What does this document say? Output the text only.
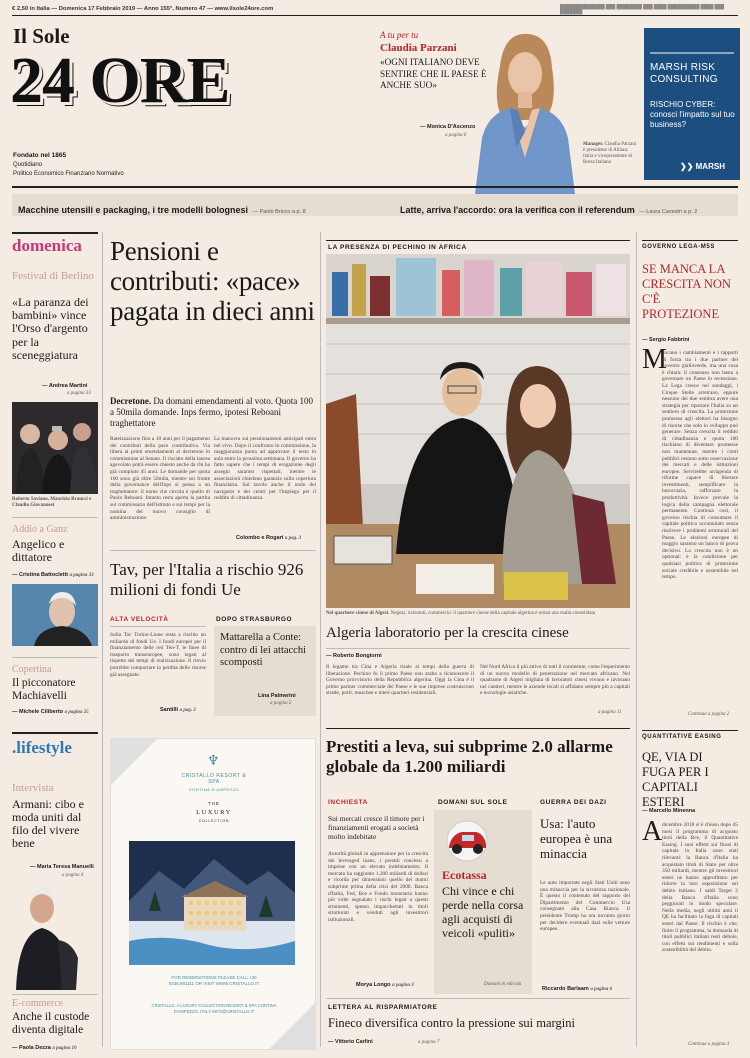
€ 2,50 in Italia — Domenica 17 Febbraio 2019 — Anno 155°, Numero 47 — www.ilsole24ore.com	██████████████ ███ ████████ ███ ████ ██████████ ████ ███ ███████
Il Sole
24 ORE
Fondato nel 1865
Quotidiano
Politico Economico Finanziario Normativo
A tu per tu
Claudia Parzani
«OGNI ITALIANO DEVE SENTIRE CHE IL PAESE È ANCHE SUO»
— Monica D'Ascenzo
a pagina 6
Manager. Claudia Parzani è presidente di Allianz Italia e vicepresidente di Borsa Italiana
MARSH RISK CONSULTING
RISCHIO CYBER: conosci l'impatto sul tuo business?
❯❯ MARSH
Macchine utensili e packaging, i tre modelli bolognesi — Paolo Bricco a p. 8	Latte, arriva l'accordo: ora la verifica con il referendum — Laura Cavestri a p. 2
domenica
Festival di Berlino
«La paranza dei bambini» vince l'Orso d'argento per la sceneggiatura
— Andrea Martini
a pagina 33
Roberto Saviano, Maurizio Braucci e Claudio Giovannesi
Addio a Ganz
Angelico e dittatore
— Cristina Battocletti a pagina 33
Copertina
Il picconatore Machiavelli
— Michele Ciliberto a pagina 25
.lifestyle
Intervista
Armani: cibo e moda uniti dal filo del vivere bene
— Maria Teresa Manuelli
a pagina 4
E-commerce
Anche il custode diventa digitale
— Paola Dezza a pagina 10
Pensioni e contributi: «pace» pagata in dieci anni
Decretone. Da domani emendamenti al voto. Quota 100 a 50mila domande. Inps fermo, ipotesi Reboani traghettatore
Rateizzazione fino a 10 anni per il pagamento dei contributi della pace contributiva. Via libera ai primi emendamenti al decretone in commissione al Senato. Il riscatto della laurea agevolato potrà essere chiesto anche da chi ha già compiuto 45 anni. Le domande per quota 100 sono già oltre 50mila, mentre sul fronte della governance dell'Inps si pensa a un traghettatore: il nome che circola è quello di Paolo Reboani. Intanto resta aperta la partita sul commissario dell'istituto e sui tempi per la nomina del nuovo consiglio di amministrazione.
La manovra sui pensionamenti anticipati entra nel vivo. Dopo il confronto in commissione, la maggioranza punta ad approvare il testo in aula entro la prossima settimana. Il governo ha fatto sapere che i tempi di erogazione degli assegni saranno rispettati, mentre le associazioni chiedono garanzie sulla copertura finanziaria. Sul tavolo anche il nodo dei navigator e dei centri per l'impiego per il reddito di cittadinanza.
Colombo e Rogari a pag. 3
Tav, per l'Italia a rischio 926 milioni di fondi Ue
ALTA VELOCITÀ
Sulla Tav Torino-Lione resta a rischio un miliardo di fondi Ue. I fondi europei per il finanziamento delle reti Ten-T, le linee di trasporto transeuropee, sono legati al rispetto dei tempi di realizzazione. Il rinvio potrebbe comportare la perdita delle risorse già assegnate.
Santilli a pag. 2
DOPO STRASBURGO
Mattarella a Conte: contro di lei attacchi scomposti
Lina Palmerini
a pagina 5
♆
CRISTALLO RESORT & SPA
CORTINA D'AMPEZZO
THE
LUXURY
COLLECTION
FOR RESERVATIONS PLEASE CALL +39 0436 881111 OR VISIT WWW.CRISTALLO.IT
CRISTALLO, A LUXURY COLLECTION RESORT & SPA CORTINA D'AMPEZZO, ITALY INFO@CRISTALLO.IT
LA PRESENZA DI PECHINO IN AFRICA
Nel quartiere cinese di Algeri. Negozi, ristoranti, commercio: il quartiere cinese della capitale algerina è ormai una realtà consolidata
Algeria laboratorio per la crescita cinese
— Roberto Bongiorni
Il legame tra Cina e Algeria risale ai tempi della guerra di liberazione. Pechino fu il primo Paese non arabo a riconoscere il Governo provvisorio della Repubblica algerina. Oggi la Cina è il primo partner commerciale del Paese e le sue imprese costruiscono strade, porti, moschee e interi quartieri residenziali.
Nel Nord Africa il più attivo di tutti il continente, come l'esperimento di un nuovo modello di penetrazione nel mercato africano. Nel quadrante di Algeri migliaia di lavoratori cinesi vivono e lavorano nei cantieri, mentre le aziende locali si affidano sempre più a capitali e tecnologie asiatiche.
a pagina 11
Prestiti a leva, sui subprime 2.0 allarme globale da 1.200 miliardi
INCHIESTA
Sui mercati cresce il timore per i finanziamenti erogati a società molto indebitate
Autorità globali in apprensione per la crescita dei leveraged loans, i prestiti concessi a imprese con un elevato indebitamento. Il mercato ha raggiunto 1.200 miliardi di dollari e ricorda per dimensioni quello dei mutui subprime prima della crisi del 2008. Banca d'Italia, Fed, Bce e Fondo monetario hanno più volte segnalato i rischi legati a questi strumenti, spesso impacchettati in titoli strutturati e venduti agli investitori istituzionali.
Morya Longo a pagina 3
DOMANI SUL SOLE
Ecotassa
Chi vince e chi perde nella corsa agli acquisti di veicoli «puliti»
Domani in edicola
GUERRA DEI DAZI
Usa: l'auto europea è una minaccia
Le auto importate negli Stati Uniti sono una minaccia per la sicurezza nazionale. È questo il contenuto del rapporto del Dipartimento del Commercio Usa consegnato alla Casa Bianca. Il presidente Trump ha ora novanta giorni per decidere eventuali dazi sulle vetture europee.
Riccardo Barlaam a pagina 6
LETTERA AL RISPARMIATORE
Fineco diversifica contro la pressione sui margini
— Vittorio Carlini	a pagina 7
GOVERNO LEGA-M5S
SE MANCA LA CRESCITA NON C'È PROTEZIONE
— Sergio Fabbrini
M
ancano i cambiamenti e i rapporti di forza tra i due partner del governo gialloverde, ma una cosa è chiara: il consenso non basta a governare un Paese in recessione. La Lega cresce nei sondaggi, i Cinque Stelle arretrano, eppure nessuno dei due sembra avere una strategia per riportare l'Italia su un sentiero di crescita. La protezione promessa agli elettori ha bisogno di risorse che solo lo sviluppo può generare. Senza crescita il reddito di cittadinanza e quota 100 rischiano di diventare promesse non mantenute, mentre i conti pubblici restano sotto osservazione dei mercati e delle istituzioni europee. Servirebbe un'agenda di riforme capace di liberare investimenti, semplificare la burocrazia, rafforzare la produttività. Invece prevale la logica della campagna elettorale permanente. Continua così, il governo rischia di consumare il capitale politico accumulato senza risolvere i problemi strutturali del Paese. Le elezioni europee di maggio saranno un banco di prova decisivo. La crescita non è un optional: è la condizione per qualsiasi politica di protezione sociale credibile e sostenibile nel tempo.
Continua a pagina 2
QUANTITATIVE EASING
QE, VIA DI FUGA PER I CAPITALI ESTERI
— Marcello Minenna
A dicembre 2018 si è chiuso dopo 45 mesi il programma di acquisto titoli della Bce, il Quantitative Easing. I suoi effetti sui flussi di capitale in Italia sono stati rilevanti: la Banca d'Italia ha acquistato titoli di Stato per oltre 350 miliardi, mentre gli investitori esteri ne hanno approfittato per ridurre la loro esposizione sul debito italiano. I saldi Target 2 della Banca d'Italia sono peggiorati in modo speculare. Nella media, negli ultimi anni il QE ha facilitato la fuga di capitali esteri dal Paese. Il rischio è che, finito il programma, la domanda di titoli pubblici italiani resti debole, con effetti sui rendimenti e sulla sostenibilità del debito.
Continua a pagina 3
